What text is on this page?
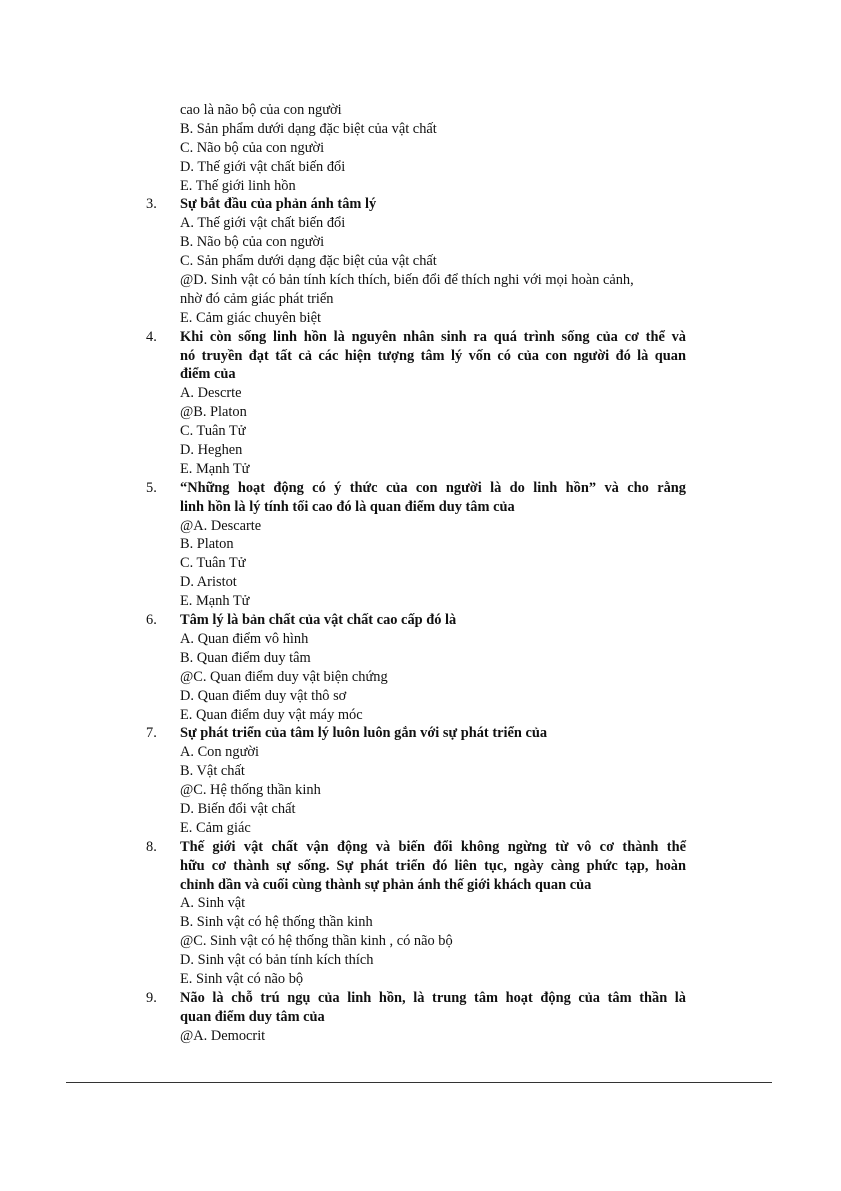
cao là não bộ của con người
B. Sản phẩm dưới dạng đặc biệt của vật chất
C. Não bộ của con người
D. Thế giới vật chất biến đổi
E. Thế giới linh hồn
3. Sự bắt đầu của phản ánh tâm lý
A. Thế giới vật chất biến đổi
B. Não bộ của con người
C. Sản phẩm dưới dạng đặc biệt của vật chất
@D. Sinh vật có bản tính kích thích, biến đổi để thích nghi với mọi hoàn cảnh,
nhờ đó cảm giác phát triển
E. Cảm giác chuyên biệt
4. Khi còn sống linh hồn là nguyên nhân sinh ra quá trình sống của cơ thể và
nó truyền đạt tất cả các hiện tượng tâm lý vốn có của con người đó là quan
điểm của
A. Descrte
@B. Platon
C. Tuân Tử
D. Heghen
E. Mạnh Tử
5. “Những hoạt động có ý thức của con người là do linh hồn” và cho rằng
linh hồn là lý tính tối cao đó là quan điểm duy tâm của
@A. Descarte
B. Platon
C. Tuân Tử
D. Aristot
E. Mạnh Tử
6. Tâm lý là bản chất của vật chất cao cấp đó là
A. Quan điểm vô hình
B. Quan điểm duy tâm
@C. Quan điểm duy vật biện chứng
D. Quan điểm duy vật thô sơ
E. Quan điểm duy vật máy móc
7. Sự phát triển của tâm lý luôn luôn gắn với sự phát triển của
A. Con người
B. Vật chất
@C. Hệ thống thần kinh
D. Biến đổi vật chất
E. Cảm giác
8. Thế giới vật chất vận động và biến đổi không ngừng từ vô cơ thành thể
hữu cơ thành sự sống. Sự phát triển đó liên tục, ngày càng phức tạp, hoàn
chỉnh dần và cuối cùng thành sự phản ánh thế giới khách quan của
A. Sinh vật
B. Sinh vật có hệ thống thần kinh
@C. Sinh vật có hệ thống thần kinh , có não bộ
D. Sinh vật có bản tính kích thích
E. Sinh vật có não bộ
9. Não là chỗ trú ngụ của linh hồn, là trung tâm hoạt động của tâm thần là
quan điểm duy tâm của
@A. Democrit
